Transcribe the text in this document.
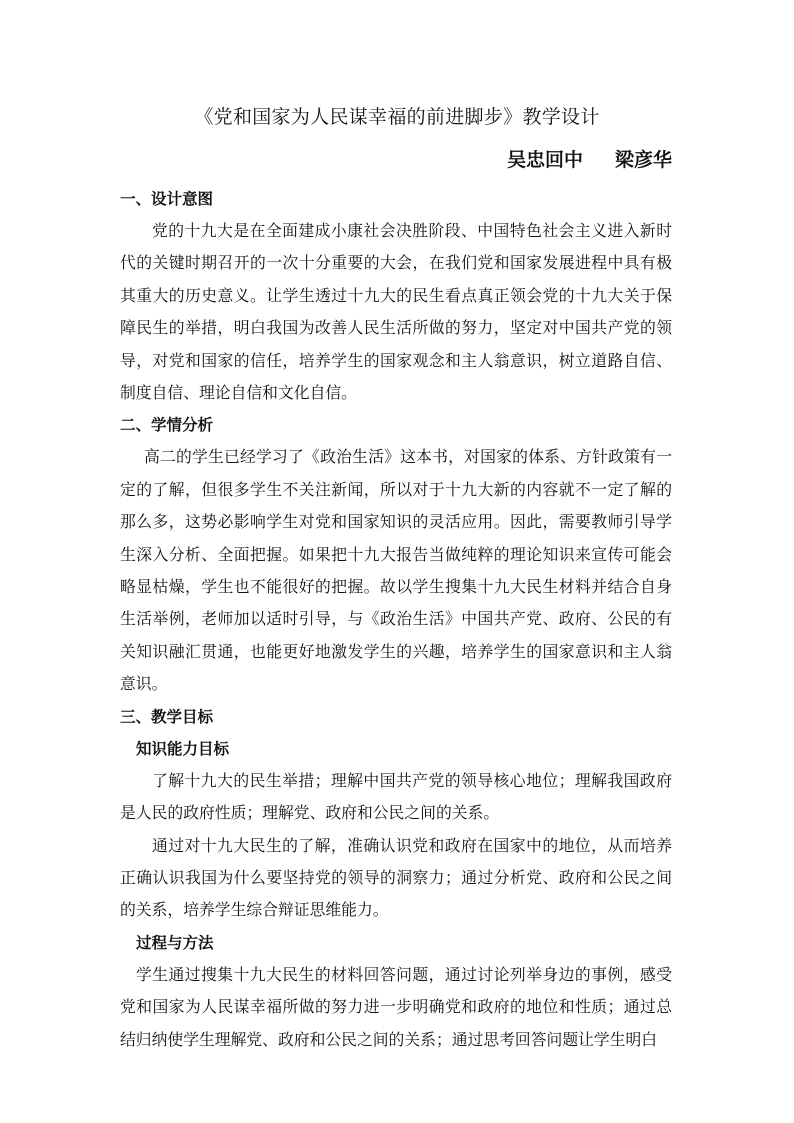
《党和国家为人民谋幸福的前进脚步》教学设计
吴忠回中 梁彦华
一、设计意图

党的十九大是在全面建成小康社会决胜阶段、中国特色社会主义进入新时代的关键时期召开的一次十分重要的大会，在我们党和国家发展进程中具有极其重大的历史意义。让学生透过十九大的民生看点真正领会党的十九大关于保障民生的举措，明白我国为改善人民生活所做的努力，坚定对中国共产党的领导，对党和国家的信任，培养学生的国家观念和主人翁意识，树立道路自信、制度自信、理论自信和文化自信。

二、学情分析

高二的学生已经学习了《政治生活》这本书，对国家的体系、方针政策有一定的了解，但很多学生不关注新闻，所以对于十九大新的内容就不一定了解的那么多，这势必影响学生对党和国家知识的灵活应用。因此，需要教师引导学生深入分析、全面把握。如果把十九大报告当做纯粹的理论知识来宣传可能会略显枯燥，学生也不能很好的把握。故以学生搜集十九大民生材料并结合自身生活举例，老师加以适时引导，与《政治生活》中国共产党、政府、公民的有关知识融汇贯通，也能更好地激发学生的兴趣，培养学生的国家意识和主人翁意识。

三、教学目标
知识能力目标

了解十九大的民生举措；理解中国共产党的领导核心地位；理解我国政府是人民的政府性质；理解党、政府和公民之间的关系。

通过对十九大民生的了解，准确认识党和政府在国家中的地位，从而培养正确认识我国为什么要坚持党的领导的洞察力；通过分析党、政府和公民之间的关系，培养学生综合辩证思维能力。

过程与方法

学生通过搜集十九大民生的材料回答问题，通过讨论列举身边的事例，感受党和国家为人民谋幸福所做的努力进一步明确党和政府的地位和性质；通过总结归纳使学生理解党、政府和公民之间的关系；通过思考回答问题让学生明白
